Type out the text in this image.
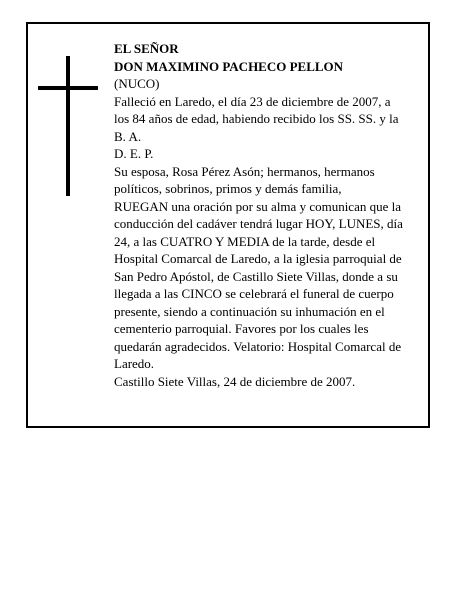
EL SEÑOR
DON MAXIMINO PACHECO PELLON
(NUCO)
Falleció en Laredo, el día 23 de diciembre de 2007, a
los 84 años de edad, habiendo recibido los SS. SS. y la
B. A.
D. E. P.
Su esposa, Rosa Pérez Asón; hermanos, hermanos
políticos, sobrinos, primos y demás familia,
RUEGAN una oración por su alma y comunican que la
conducción del cadáver tendrá lugar HOY, LUNES, día
24, a las CUATRO Y MEDIA de la tarde, desde el
Hospital Comarcal de Laredo, a la iglesia parroquial de
San Pedro Apóstol, de Castillo Siete Villas, donde a su
llegada a las CINCO se celebrará el funeral de cuerpo
presente, siendo a continuación su inhumación en el
cementerio parroquial. Favores por los cuales les
quedarán agradecidos. Velatorio: Hospital Comarcal de
Laredo.
Castillo Siete Villas, 24 de diciembre de 2007.
